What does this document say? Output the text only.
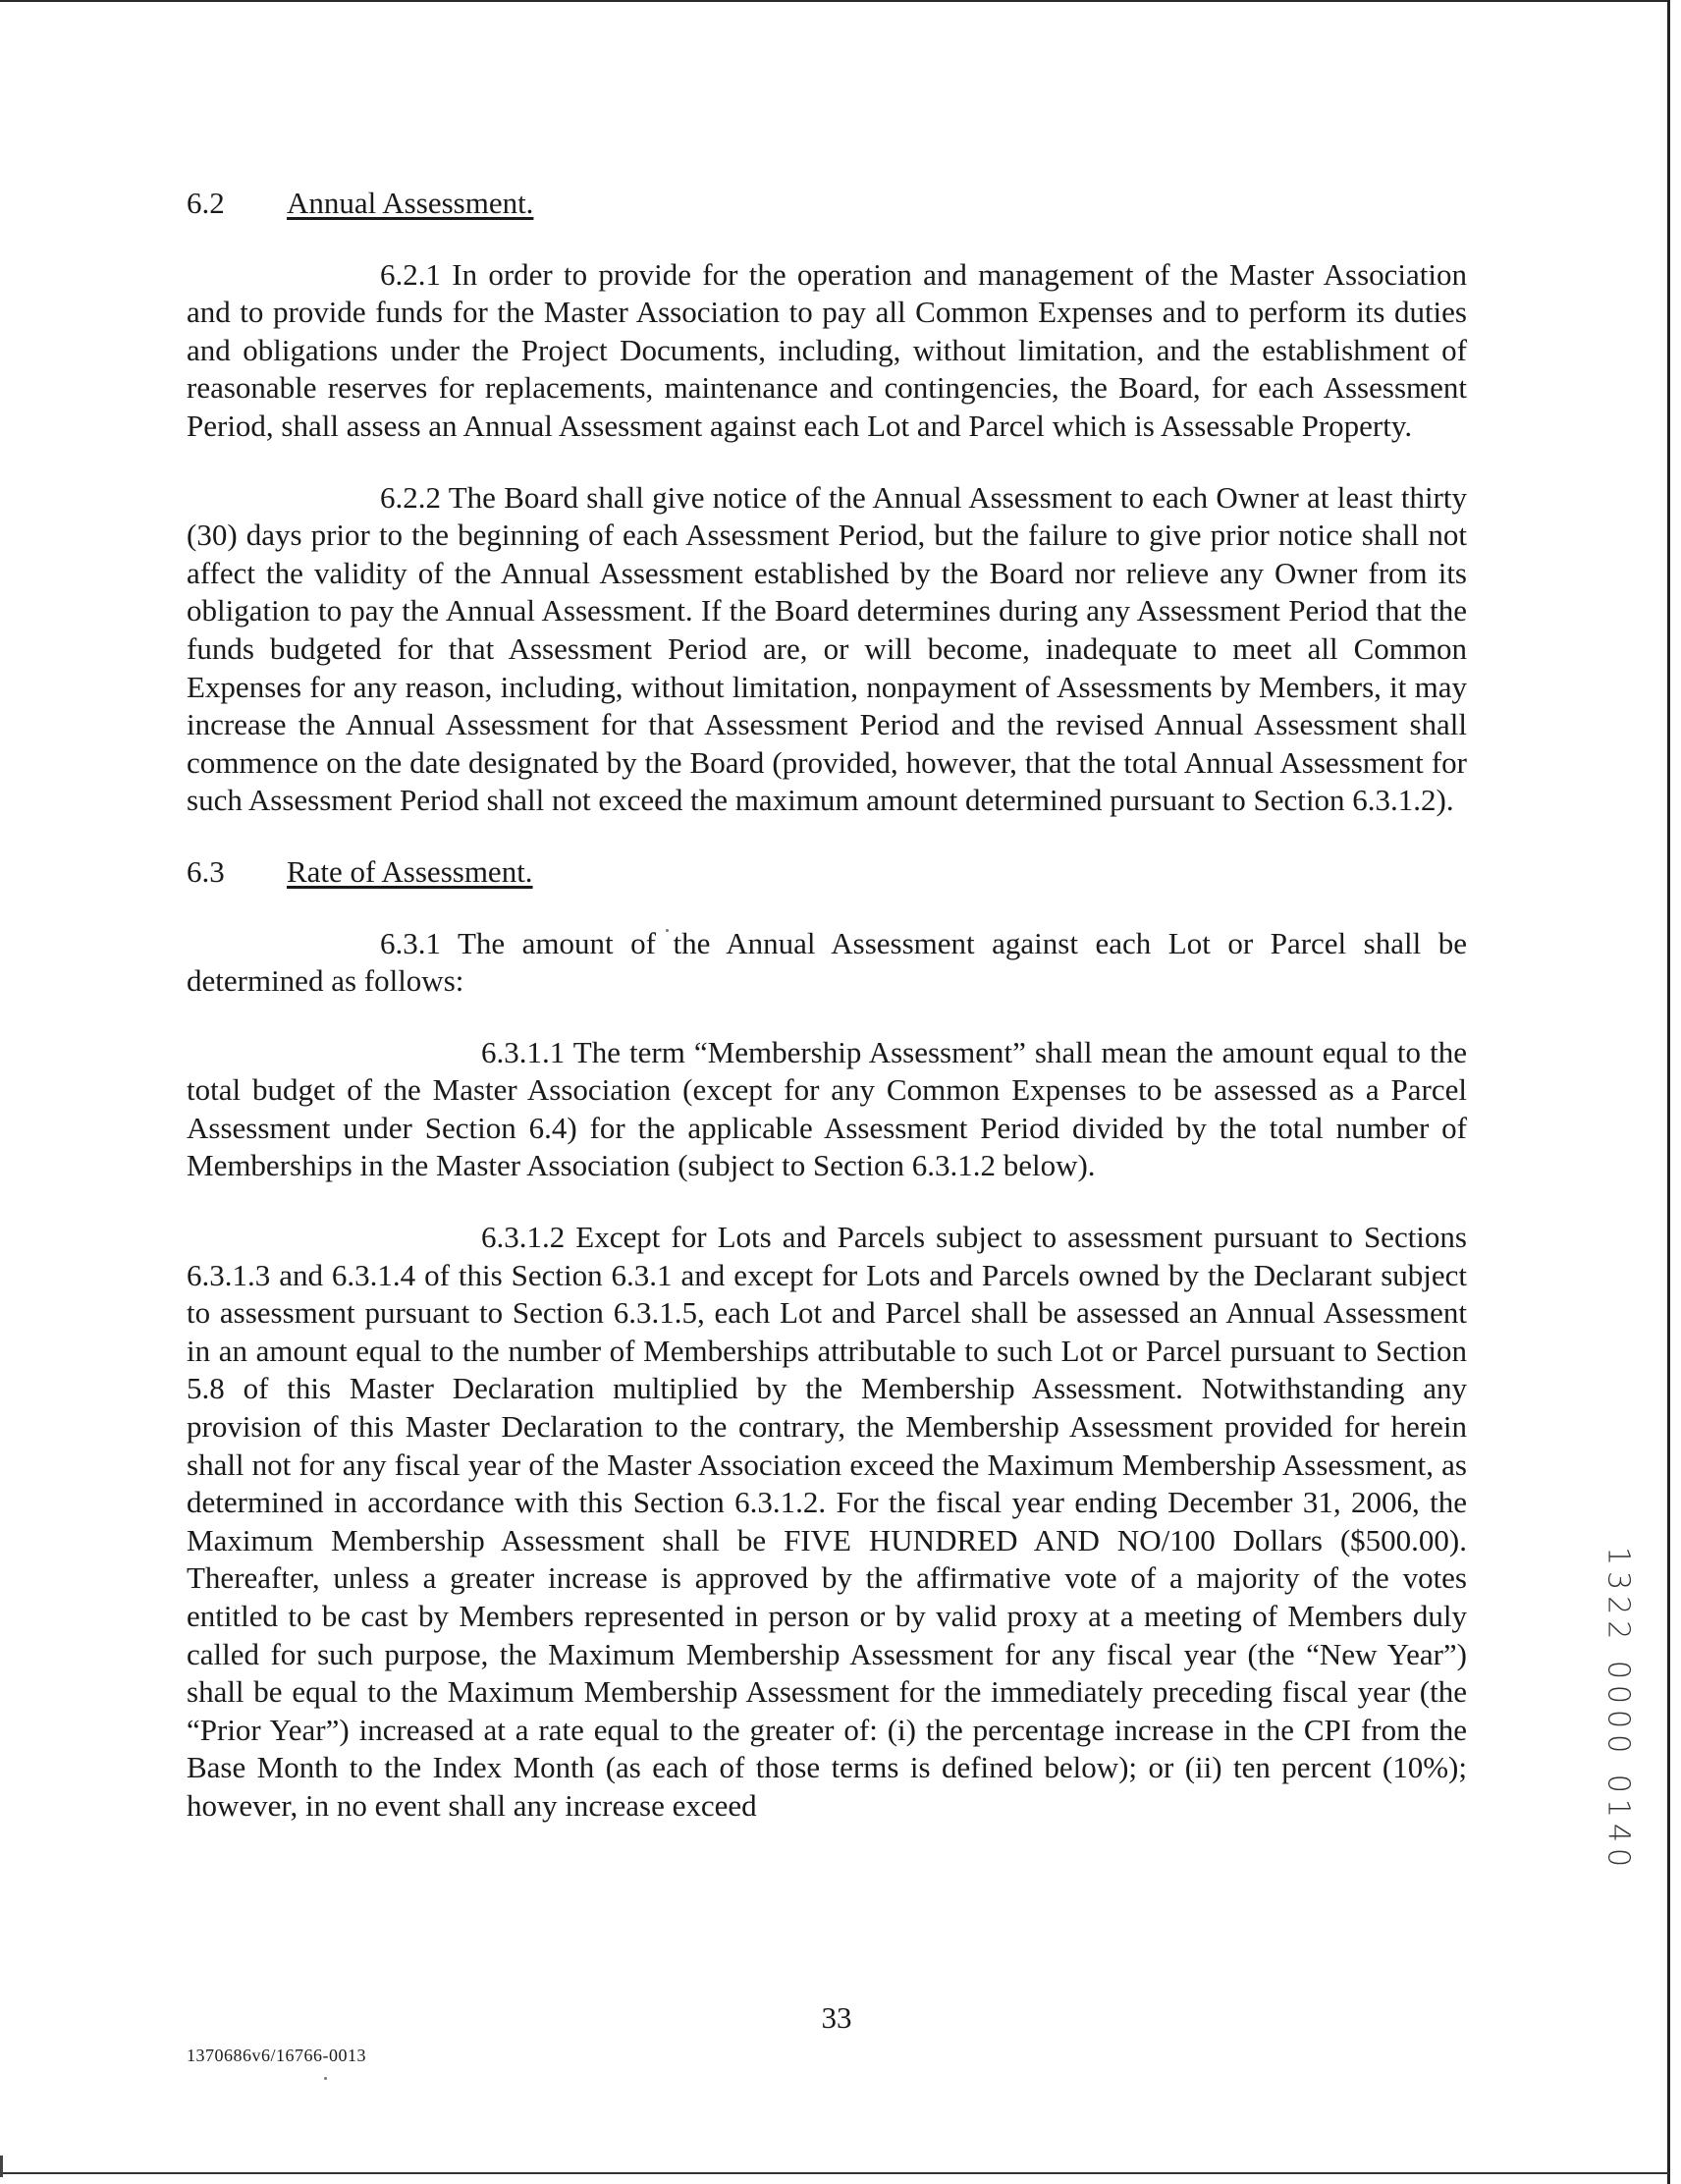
6.2	Annual Assessment.

6.2.1 In order to provide for the operation and management of the Master Association and to provide funds for the Master Association to pay all Common Expenses and to perform its duties and obligations under the Project Documents, including, without limitation, and the establishment of reasonable reserves for replacements, maintenance and contingencies, the Board, for each Assessment Period, shall assess an Annual Assessment against each Lot and Parcel which is Assessable Property.

6.2.2 The Board shall give notice of the Annual Assessment to each Owner at least thirty (30) days prior to the beginning of each Assessment Period, but the failure to give prior notice shall not affect the validity of the Annual Assessment established by the Board nor relieve any Owner from its obligation to pay the Annual Assessment. If the Board determines during any Assessment Period that the funds budgeted for that Assessment Period are, or will become, inadequate to meet all Common Expenses for any reason, including, without limitation, nonpayment of Assessments by Members, it may increase the Annual Assessment for that Assessment Period and the revised Annual Assessment shall commence on the date designated by the Board (provided, however, that the total Annual Assessment for such Assessment Period shall not exceed the maximum amount determined pursuant to Section 6.3.1.2).

6.3	Rate of Assessment.

6.3.1 The amount of the Annual Assessment against each Lot or Parcel shall be determined as follows:

6.3.1.1 The term “Membership Assessment” shall mean the amount equal to the total budget of the Master Association (except for any Common Expenses to be assessed as a Parcel Assessment under Section 6.4) for the applicable Assessment Period divided by the total number of Memberships in the Master Association (subject to Section 6.3.1.2 below).

6.3.1.2 Except for Lots and Parcels subject to assessment pursuant to Sections 6.3.1.3 and 6.3.1.4 of this Section 6.3.1 and except for Lots and Parcels owned by the Declarant subject to assessment pursuant to Section 6.3.1.5, each Lot and Parcel shall be assessed an Annual Assessment in an amount equal to the number of Memberships attributable to such Lot or Parcel pursuant to Section 5.8 of this Master Declaration multiplied by the Membership Assessment. Notwithstanding any provision of this Master Declaration to the contrary, the Membership Assessment provided for herein shall not for any fiscal year of the Master Association exceed the Maximum Membership Assessment, as determined in accordance with this Section 6.3.1.2. For the fiscal year ending December 31, 2006, the Maximum Membership Assessment shall be FIVE HUNDRED AND NO/100 Dollars ($500.00). Thereafter, unless a greater increase is approved by the affirmative vote of a majority of the votes entitled to be cast by Members represented in person or by valid proxy at a meeting of Members duly called for such purpose, the Maximum Membership Assessment for any fiscal year (the “New Year”) shall be equal to the Maximum Membership Assessment for the immediately preceding fiscal year (the “Prior Year”) increased at a rate equal to the greater of: (i) the percentage increase in the CPI from the Base Month to the Index Month (as each of those terms is defined below); or (ii) ten percent (10%); however, in no event shall any increase exceed	1322 0000 0140
33
1370686v6/16766-0013
